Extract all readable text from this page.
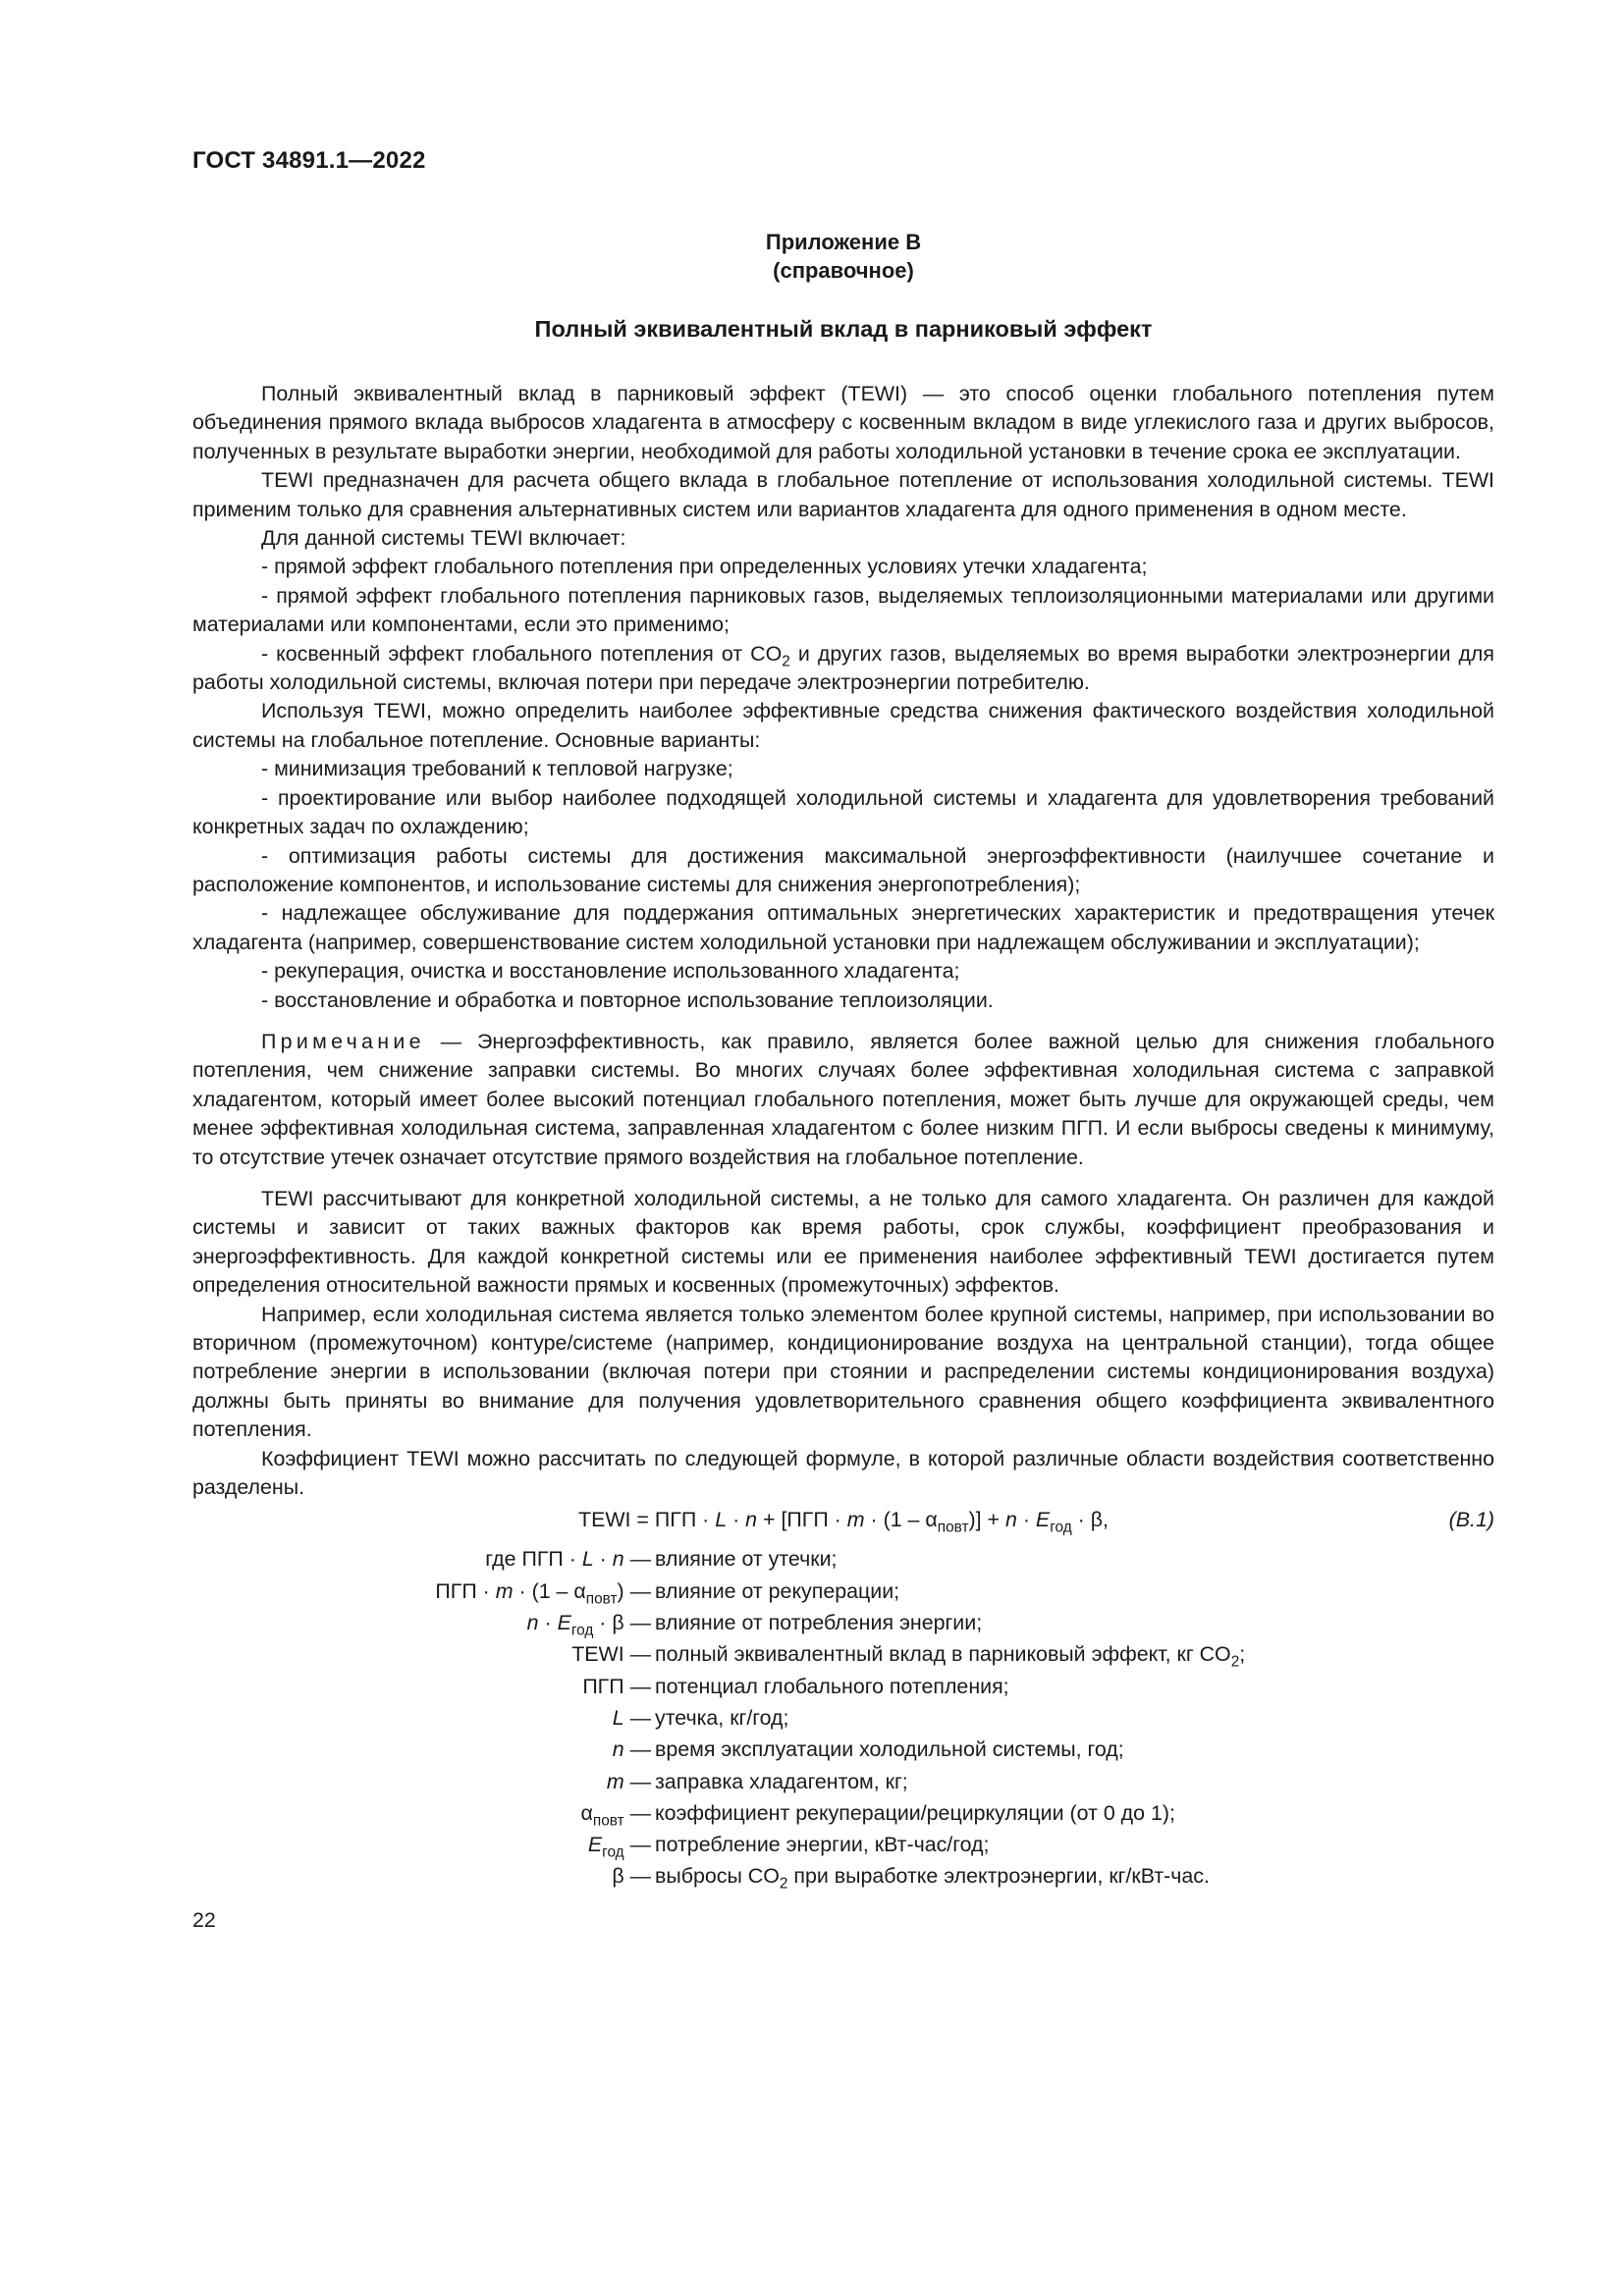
ГОСТ 34891.1—2022
Приложение В
(справочное)
Полный эквивалентный вклад в парниковый эффект

Полный эквивалентный вклад в парниковый эффект (TEWI) — это способ оценки глобального потепления путем объединения прямого вклада выбросов хладагента в атмосферу с косвенным вкладом в виде углекислого газа и других выбросов, полученных в результате выработки энергии, необходимой для работы холодильной установки в течение срока ее эксплуатации.

TEWI предназначен для расчета общего вклада в глобальное потепление от использования холодильной системы. TEWI применим только для сравнения альтернативных систем или вариантов хладагента для одного применения в одном месте.

Для данной системы TEWI включает:

- прямой эффект глобального потепления при определенных условиях утечки хладагента;

- прямой эффект глобального потепления парниковых газов, выделяемых теплоизоляционными материалами или другими материалами или компонентами, если это применимо;

- косвенный эффект глобального потепления от $CO_2$ и других газов, выделяемых во время выработки электроэнергии для работы холодильной системы, включая потери при передаче электроэнергии потребителю.

Используя TEWI, можно определить наиболее эффективные средства снижения фактического воздействия холодильной системы на глобальное потепление. Основные варианты:

- минимизация требований к тепловой нагрузке;

- проектирование или выбор наиболее подходящей холодильной системы и хладагента для удовлетворения требований конкретных задач по охлаждению;

- оптимизация работы системы для достижения максимальной энергоэффективности (наилучшее сочетание и расположение компонентов, и использование системы для снижения энергопотребления);

- надлежащее обслуживание для поддержания оптимальных энергетических характеристик и предотвращения утечек хладагента (например, совершенствование систем холодильной установки при надлежащем обслуживании и эксплуатации);

- рекуперация, очистка и восстановление использованного хладагента;

- восстановление и обработка и повторное использование теплоизоляции.

Примечание — Энергоэффективность, как правило, является более важной целью для снижения глобального потепления, чем снижение заправки системы. Во многих случаях более эффективная холодильная система с заправкой хладагентом, который имеет более высокий потенциал глобального потепления, может быть лучше для окружающей среды, чем менее эффективная холодильная система, заправленная хладагентом с более низким ПГП. И если выбросы сведены к минимуму, то отсутствие утечек означает отсутствие прямого воздействия на глобальное потепление.

TEWI рассчитывают для конкретной холодильной системы, а не только для самого хладагента. Он различен для каждой системы и зависит от таких важных факторов как время работы, срок службы, коэффициент преобразования и энергоэффективность. Для каждой конкретной системы или ее применения наиболее эффективный TEWI достигается путем определения относительной важности прямых и косвенных (промежуточных) эффектов.

Например, если холодильная система является только элементом более крупной системы, например, при использовании во вторичном (промежуточном) контуре/системе (например, кондиционирование воздуха на центральной станции), тогда общее потребление энергии в использовании (включая потери при стоянии и распределении системы кондиционирования воздуха) должны быть приняты во внимание для получения удовлетворительного сравнения общего коэффициента эквивалентного потепления.

Коэффициент TEWI можно рассчитать по следующей формуле, в которой различные области воздействия соответственно разделены.

TEWI = ПГП · $L \cdot n + [ПГП \cdot m \cdot (1 - \alpha_{повт})] + n \cdot E_{год} \cdot \beta$,	(В.1)
где ПГП · L · n — влияние от утечки;
ПГП · $m \cdot (1 - \alpha_{повт})$ — влияние от рекуперации;
$n \cdot E_{год} \cdot \beta$ — влияние от потребления энергии;
TEWI — полный эквивалентный вклад в парниковый эффект, кг $CO_2$;
ПГП — потенциал глобального потепления;
L — утечка, кг/год;
n — время эксплуатации холодильной системы, год;
m — заправка хладагентом, кг;
$\alpha_{повт}$ — коэффициент рекуперации/рециркуляции (от 0 до 1);
$E_{год}$ — потребление энергии, кВт-час/год;
β — выбросы $CO_2$ при выработке электроэнергии, кг/кВт-час.
22
